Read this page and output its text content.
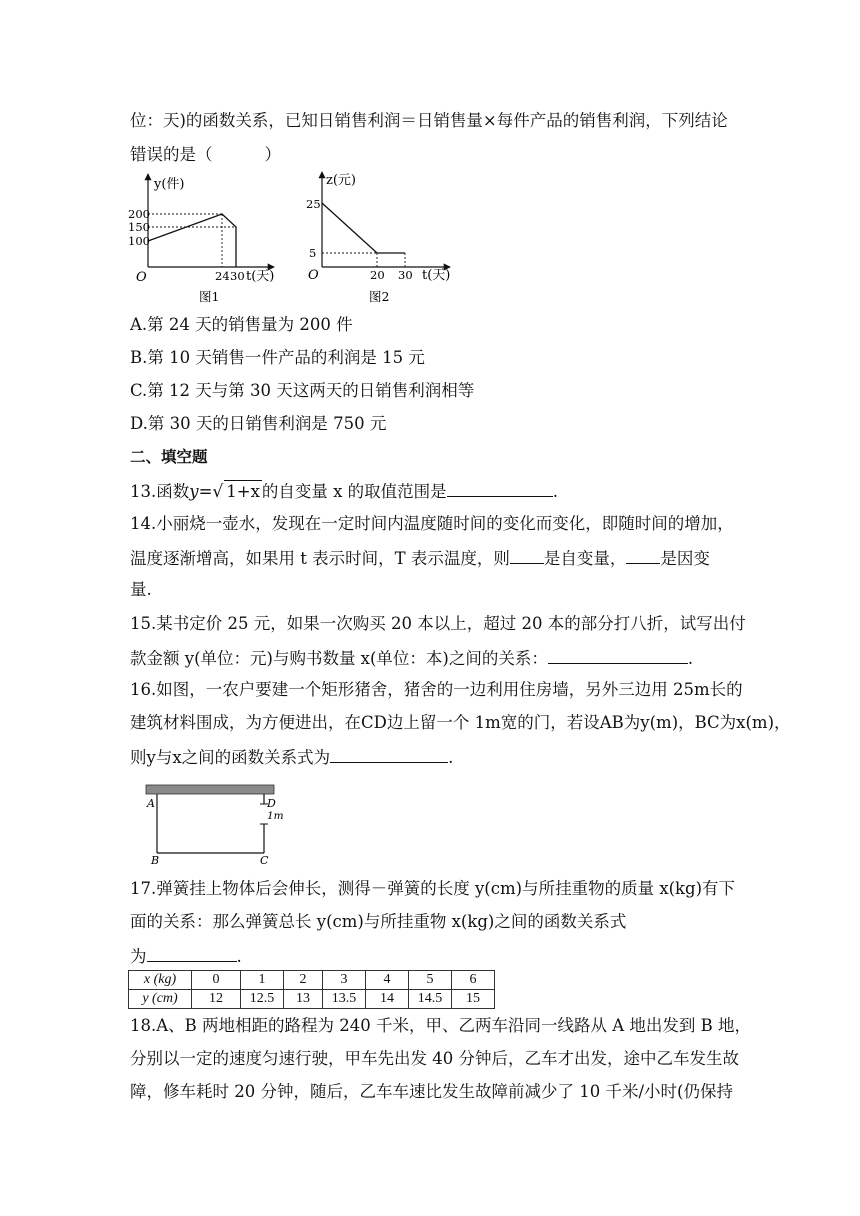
位：天)的函数关系，已知日销售利润＝日销售量×每件产品的销售利润，下列结论
错误的是（	）
y(件)
200
150
100
O	24 30 t(天)
图1
z(元)
25
5
O	20 30 t(天)
图2
A.第 24 天的销售量为 200 件
B.第 10 天销售一件产品的利润是 15 元
C.第 12 天与第 30 天这两天的日销售利润相等
D.第 30 天的日销售利润是 750 元
二、填空题
13.函数y=√ 1+x 的自变量 x 的取值范围是	.
14.小丽烧一壶水，发现在一定时间内温度随时间的变化而变化，即随时间的增加，
温度逐渐增高，如果用 t 表示时间，T 表示温度，则 是自变量， 是因变
量.
15.某书定价 25 元，如果一次购买 20 本以上，超过 20 本的部分打八折，试写出付
款金额 y(单位：元)与购书数量 x(单位：本)之间的关系：	.
16.如图，一农户要建一个矩形猪舍，猪舍的一边利用住房墙，另外三边用 25m长的
建筑材料围成，为方便进出，在CD边上留一个 1m宽的门，若设AB为y(m)，BC为x(m)，
则y与x之间的函数关系式为	.
A	D
1m
B	C
17.弹簧挂上物体后会伸长，测得－弹簧的长度 y(cm)与所挂重物的质量 x(kg)有下
面的关系：那么弹簧总长 y(cm)与所挂重物 x(kg)之间的函数关系式
为	.
x (kg)	0	1	2	3	4	5	6
y (cm)	12	12.5	13	13.5	14	14.5	15
18.A、B 两地相距的路程为 240 千米，甲、乙两车沿同一线路从 A 地出发到 B 地，
分别以一定的速度匀速行驶，甲车先出发 40 分钟后，乙车才出发，途中乙车发生故
障，修车耗时 20 分钟，随后，乙车车速比发生故障前减少了 10 千米/小时(仍保持
